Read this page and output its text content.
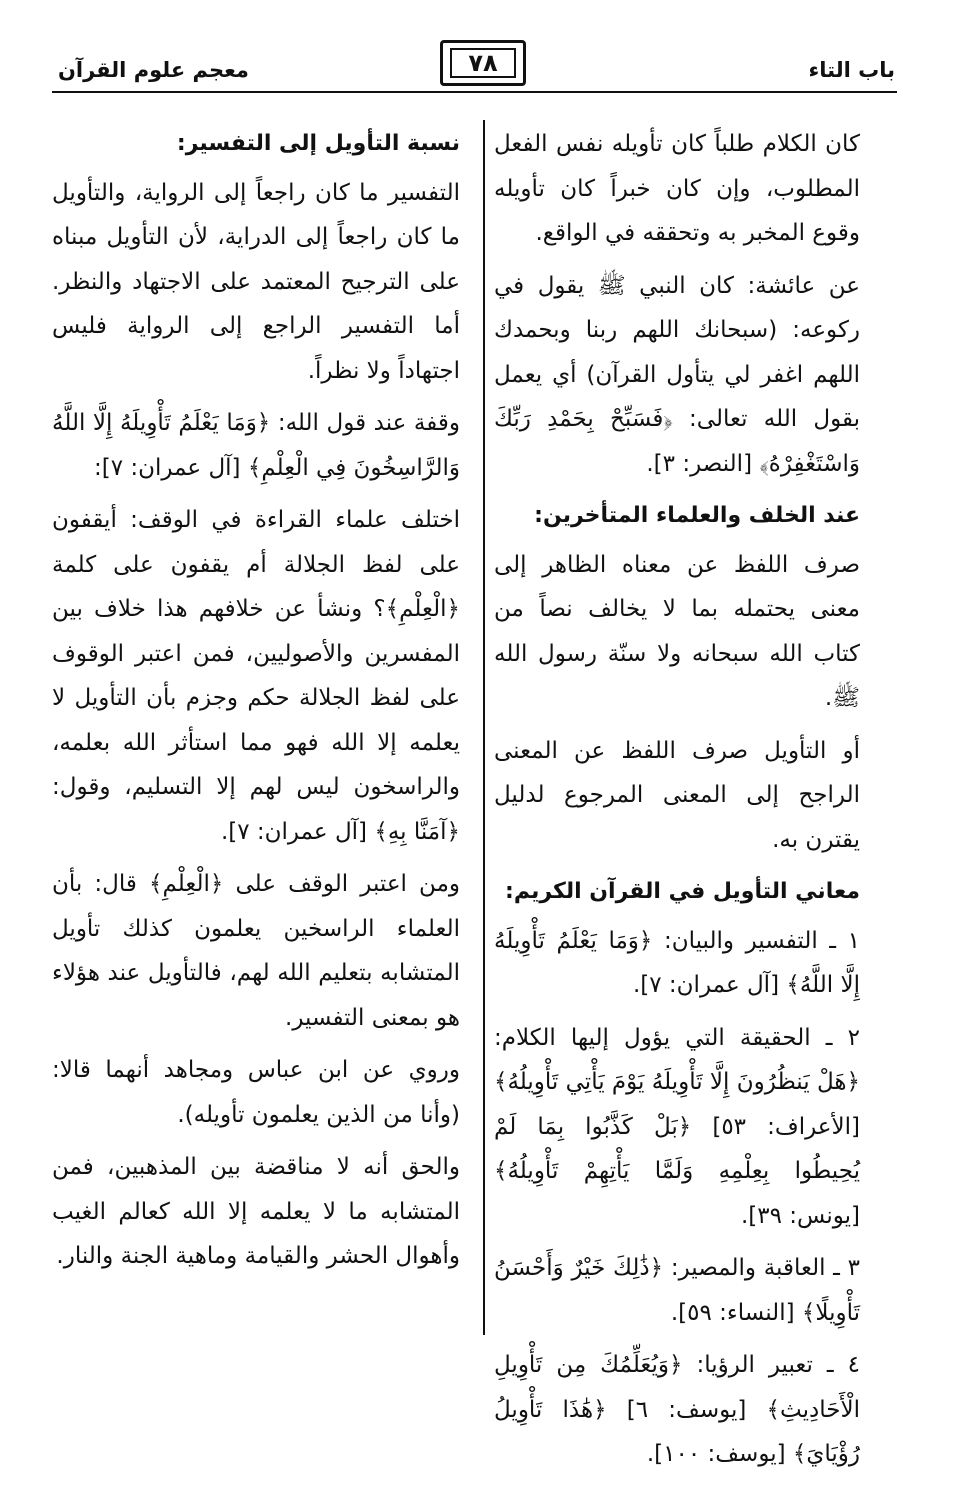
باب التاء
٧٨
معجم علوم القرآن

كان الكلام طلباً كان تأويله نفس الفعل المطلوب، وإن كان خبراً كان تأويله وقوع المخبر به وتحققه في الواقع.

عن عائشة: كان النبي ﷺ يقول في ركوعه: (سبحانك اللهم ربنا وبحمدك اللهم اغفر لي يتأول القرآن) أي يعمل بقول الله تعالى: ﴿فَسَبِّحْ بِحَمْدِ رَبِّكَ وَاسْتَغْفِرْهُ﴾ [النصر: ٣].

عند الخلف والعلماء المتأخرين:

صرف اللفظ عن معناه الظاهر إلى معنى يحتمله بما لا يخالف نصاً من كتاب الله سبحانه ولا سنّة رسول الله ﷺ.

أو التأويل صرف اللفظ عن المعنى الراجح إلى المعنى المرجوع لدليل يقترن به.

معاني التأويل في القرآن الكريم:

١ ـ التفسير والبيان: ﴿وَمَا يَعْلَمُ تَأْوِيلَهُ إِلَّا اللَّهُ﴾ [آل عمران: ٧].

٢ ـ الحقيقة التي يؤول إليها الكلام: ﴿هَلْ يَنظُرُونَ إِلَّا تَأْوِيلَهُ يَوْمَ يَأْتِي تَأْوِيلُهُ﴾ [الأعراف: ٥٣] ﴿بَلْ كَذَّبُوا بِمَا لَمْ يُحِيطُوا بِعِلْمِهِ وَلَمَّا يَأْتِهِمْ تَأْوِيلُهُ﴾ [يونس: ٣٩].

٣ ـ العاقبة والمصير: ﴿ذَٰلِكَ خَيْرٌ وَأَحْسَنُ تَأْوِيلًا﴾ [النساء: ٥٩].

٤ ـ تعبير الرؤيا: ﴿وَيُعَلِّمُكَ مِن تَأْوِيلِ الْأَحَادِيثِ﴾ [يوسف: ٦] ﴿هَٰذَا تَأْوِيلُ رُؤْيَايَ﴾ [يوسف: ١٠٠].

نسبة التأويل إلى التفسير:

التفسير ما كان راجعاً إلى الرواية، والتأويل ما كان راجعاً إلى الدراية، لأن التأويل مبناه على الترجيح المعتمد على الاجتهاد والنظر. أما التفسير الراجع إلى الرواية فليس اجتهاداً ولا نظراً.

وقفة عند قول الله: ﴿وَمَا يَعْلَمُ تَأْوِيلَهُ إِلَّا اللَّهُ وَالرَّاسِخُونَ فِي الْعِلْمِ﴾ [آل عمران: ٧]:

اختلف علماء القراءة في الوقف: أيقفون على لفظ الجلالة أم يقفون على كلمة ﴿الْعِلْمِ﴾؟ ونشأ عن خلافهم هذا خلاف بين المفسرين والأصوليين، فمن اعتبر الوقوف على لفظ الجلالة حكم وجزم بأن التأويل لا يعلمه إلا الله فهو مما استأثر الله بعلمه، والراسخون ليس لهم إلا التسليم، وقول: ﴿آمَنَّا بِهِ﴾ [آل عمران: ٧].

ومن اعتبر الوقف على ﴿الْعِلْمِ﴾ قال: بأن العلماء الراسخين يعلمون كذلك تأويل المتشابه بتعليم الله لهم، فالتأويل عند هؤلاء هو بمعنى التفسير.

وروي عن ابن عباس ومجاهد أنهما قالا: (وأنا من الذين يعلمون تأويله).

والحق أنه لا مناقضة بين المذهبين، فمن المتشابه ما لا يعلمه إلا الله كعالم الغيب وأهوال الحشر والقيامة وماهية الجنة والنار.
